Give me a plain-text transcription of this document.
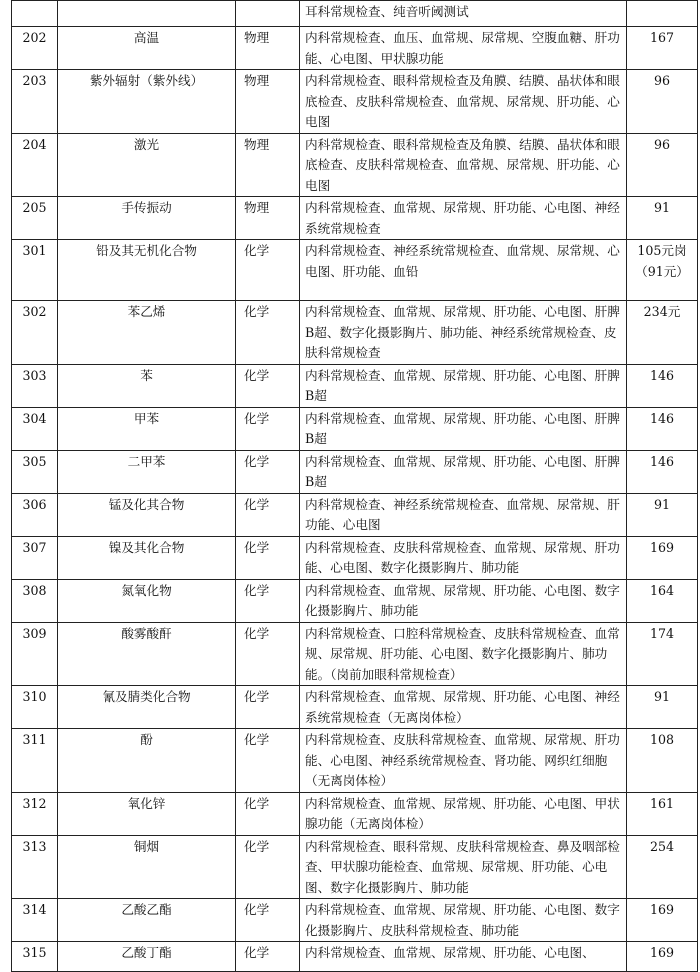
			耳科常规检查、纯音听阈测试	
202	高温	物理	内科常规检查、血压、血常规、尿常规、空腹血糖、肝功能、心电图、甲状腺功能	167
203	紫外辐射（紫外线）	物理	内科常规检查、眼科常规检查及角膜、结膜、晶状体和眼底检查、皮肤科常规检查、血常规、尿常规、肝功能、心电图	96
204	激光	物理	内科常规检查、眼科常规检查及角膜、结膜、晶状体和眼底检查、皮肤科常规检查、血常规、尿常规、肝功能、心电图	96
205	手传振动	物理	内科常规检查、血常规、尿常规、肝功能、心电图、神经系统常规检查	91
301	铅及其无机化合物	化学	内科常规检查、神经系统常规检查、血常规、尿常规、心电图、肝功能、血铅	105元岗（91元）
302	苯乙烯	化学	内科常规检查、血常规、尿常规、肝功能、心电图、肝脾B超、数字化摄影胸片、肺功能、神经系统常规检查、皮肤科常规检查	234元
303	苯	化学	内科常规检查、血常规、尿常规、肝功能、心电图、肝脾B超	146
304	甲苯	化学	内科常规检查、血常规、尿常规、肝功能、心电图、肝脾B超	146
305	二甲苯	化学	内科常规检查、血常规、尿常规、肝功能、心电图、肝脾B超	146
306	锰及化其合物	化学	内科常规检查、神经系统常规检查、血常规、尿常规、肝功能、心电图	91
307	镍及其化合物	化学	内科常规检查、皮肤科常规检查、血常规、尿常规、肝功能、心电图、数字化摄影胸片、肺功能	169
308	氮氧化物	化学	内科常规检查、血常规、尿常规、肝功能、心电图、数字化摄影胸片、肺功能	164
309	酸雾酸酐	化学	内科常规检查、口腔科常规检查、皮肤科常规检查、血常规、尿常规、肝功能、心电图、数字化摄影胸片、肺功能。（岗前加眼科常规检查）	174
310	氰及腈类化合物	化学	内科常规检查、血常规、尿常规、肝功能、心电图、神经系统常规检查（无离岗体检）	91
311	酚	化学	内科常规检查、皮肤科常规检查、血常规、尿常规、肝功能、心电图、神经系统常规检查、肾功能、网织红细胞（无离岗体检）	108
312	氧化锌	化学	内科常规检查、血常规、尿常规、肝功能、心电图、甲状腺功能（无离岗体检）	161
313	铜烟	化学	内科常规检查、眼科常规、皮肤科常规检查、鼻及咽部检查、甲状腺功能检查、血常规、尿常规、肝功能、心电图、数字化摄影胸片、肺功能	254
314	乙酸乙酯	化学	内科常规检查、血常规、尿常规、肝功能、心电图、数字化摄影胸片、皮肤科常规检查、肺功能	169
315	乙酸丁酯	化学	内科常规检查、血常规、尿常规、肝功能、心电图、	169
